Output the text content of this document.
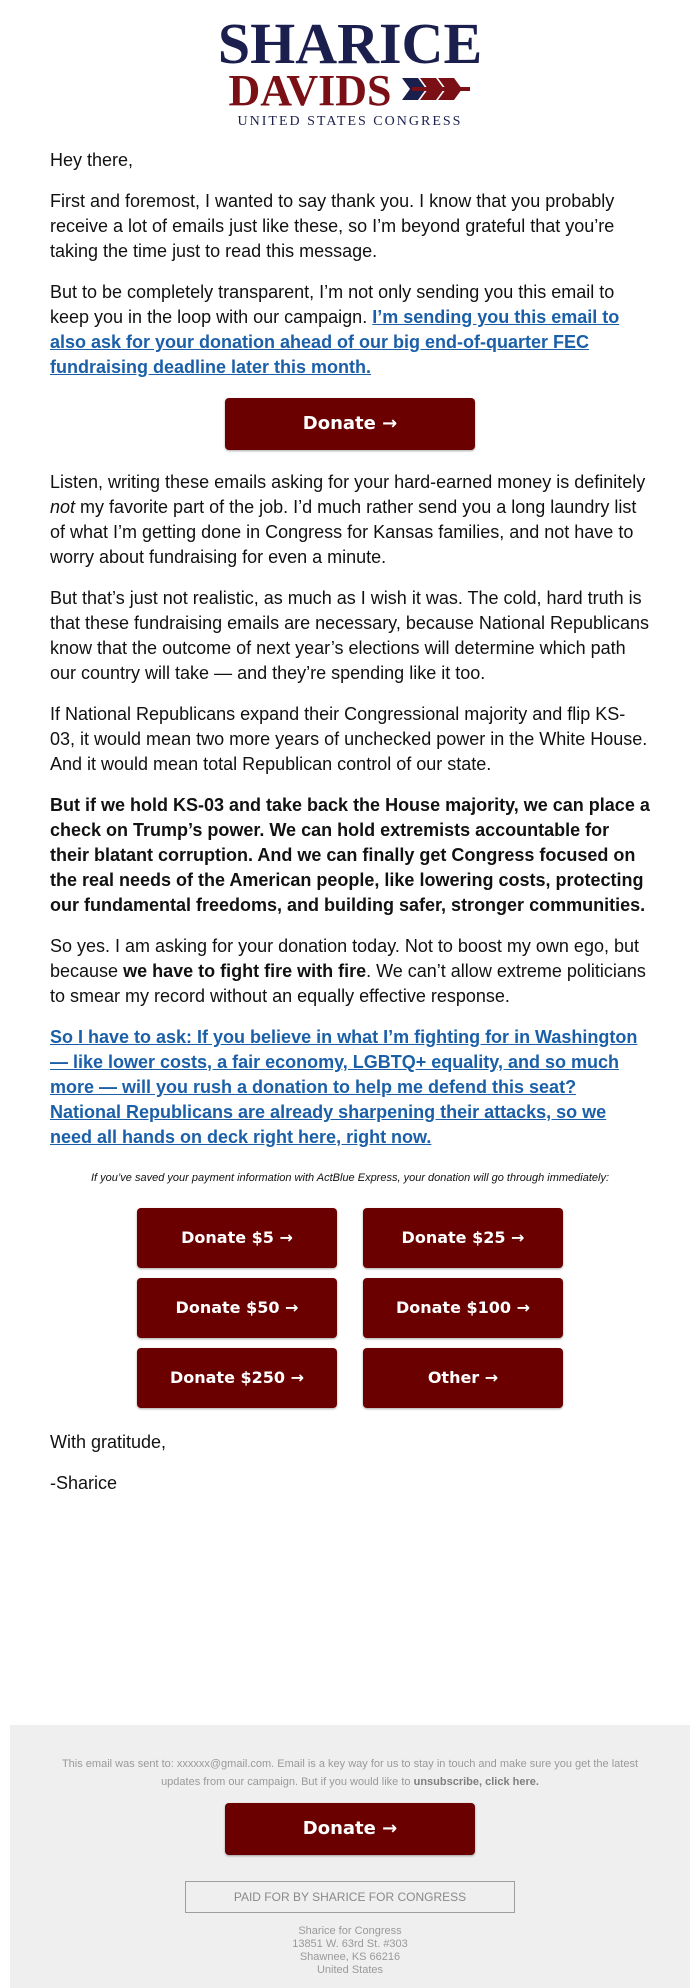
SHARICE
DAVIDS
UNITED STATES CONGRESS

Hey there,

First and foremost, I wanted to say thank you. I know that you probably receive a lot of emails just like these, so I’m beyond grateful that you’re taking the time just to read this message.

But to be completely transparent, I’m not only sending you this email to keep you in the loop with our campaign. I’m sending you this email to also ask for your donation ahead of our big end-of-quarter FEC fundraising deadline later this month.

Donate →

Listen, writing these emails asking for your hard-earned money is definitely not my favorite part of the job. I’d much rather send you a long laundry list of what I’m getting done in Congress for Kansas families, and not have to worry about fundraising for even a minute.

But that’s just not realistic, as much as I wish it was. The cold, hard truth is that these fundraising emails are necessary, because National Republicans know that the outcome of next year’s elections will determine which path our country will take — and they’re spending like it too.

If National Republicans expand their Congressional majority and flip KS-03, it would mean two more years of unchecked power in the White House. And it would mean total Republican control of our state.

But if we hold KS-03 and take back the House majority, we can place a check on Trump’s power. We can hold extremists accountable for their blatant corruption. And we can finally get Congress focused on the real needs of the American people, like lowering costs, protecting our fundamental freedoms, and building safer, stronger communities.

So yes. I am asking for your donation today. Not to boost my own ego, but because we have to fight fire with fire. We can’t allow extreme politicians to smear my record without an equally effective response.

So I have to ask: If you believe in what I’m fighting for in Washington — like lower costs, a fair economy, LGBTQ+ equality, and so much more — will you rush a donation to help me defend this seat? National Republicans are already sharpening their attacks, so we need all hands on deck right here, right now.

If you’ve saved your payment information with ActBlue Express, your donation will go through immediately:
Donate $5 →	Donate $25 →
Donate $50 →	Donate $100 →
Donate $250 →	Other →

With gratitude,

-Sharice

This email was sent to: xxxxxx@gmail.com. Email is a key way for us to stay in touch and make sure you get the latest updates from our campaign. But if you would like to unsubscribe, click here.
Donate →
PAID FOR BY SHARICE FOR CONGRESS
Sharice for Congress
13851 W. 63rd St. #303
Shawnee, KS 66216
United States
